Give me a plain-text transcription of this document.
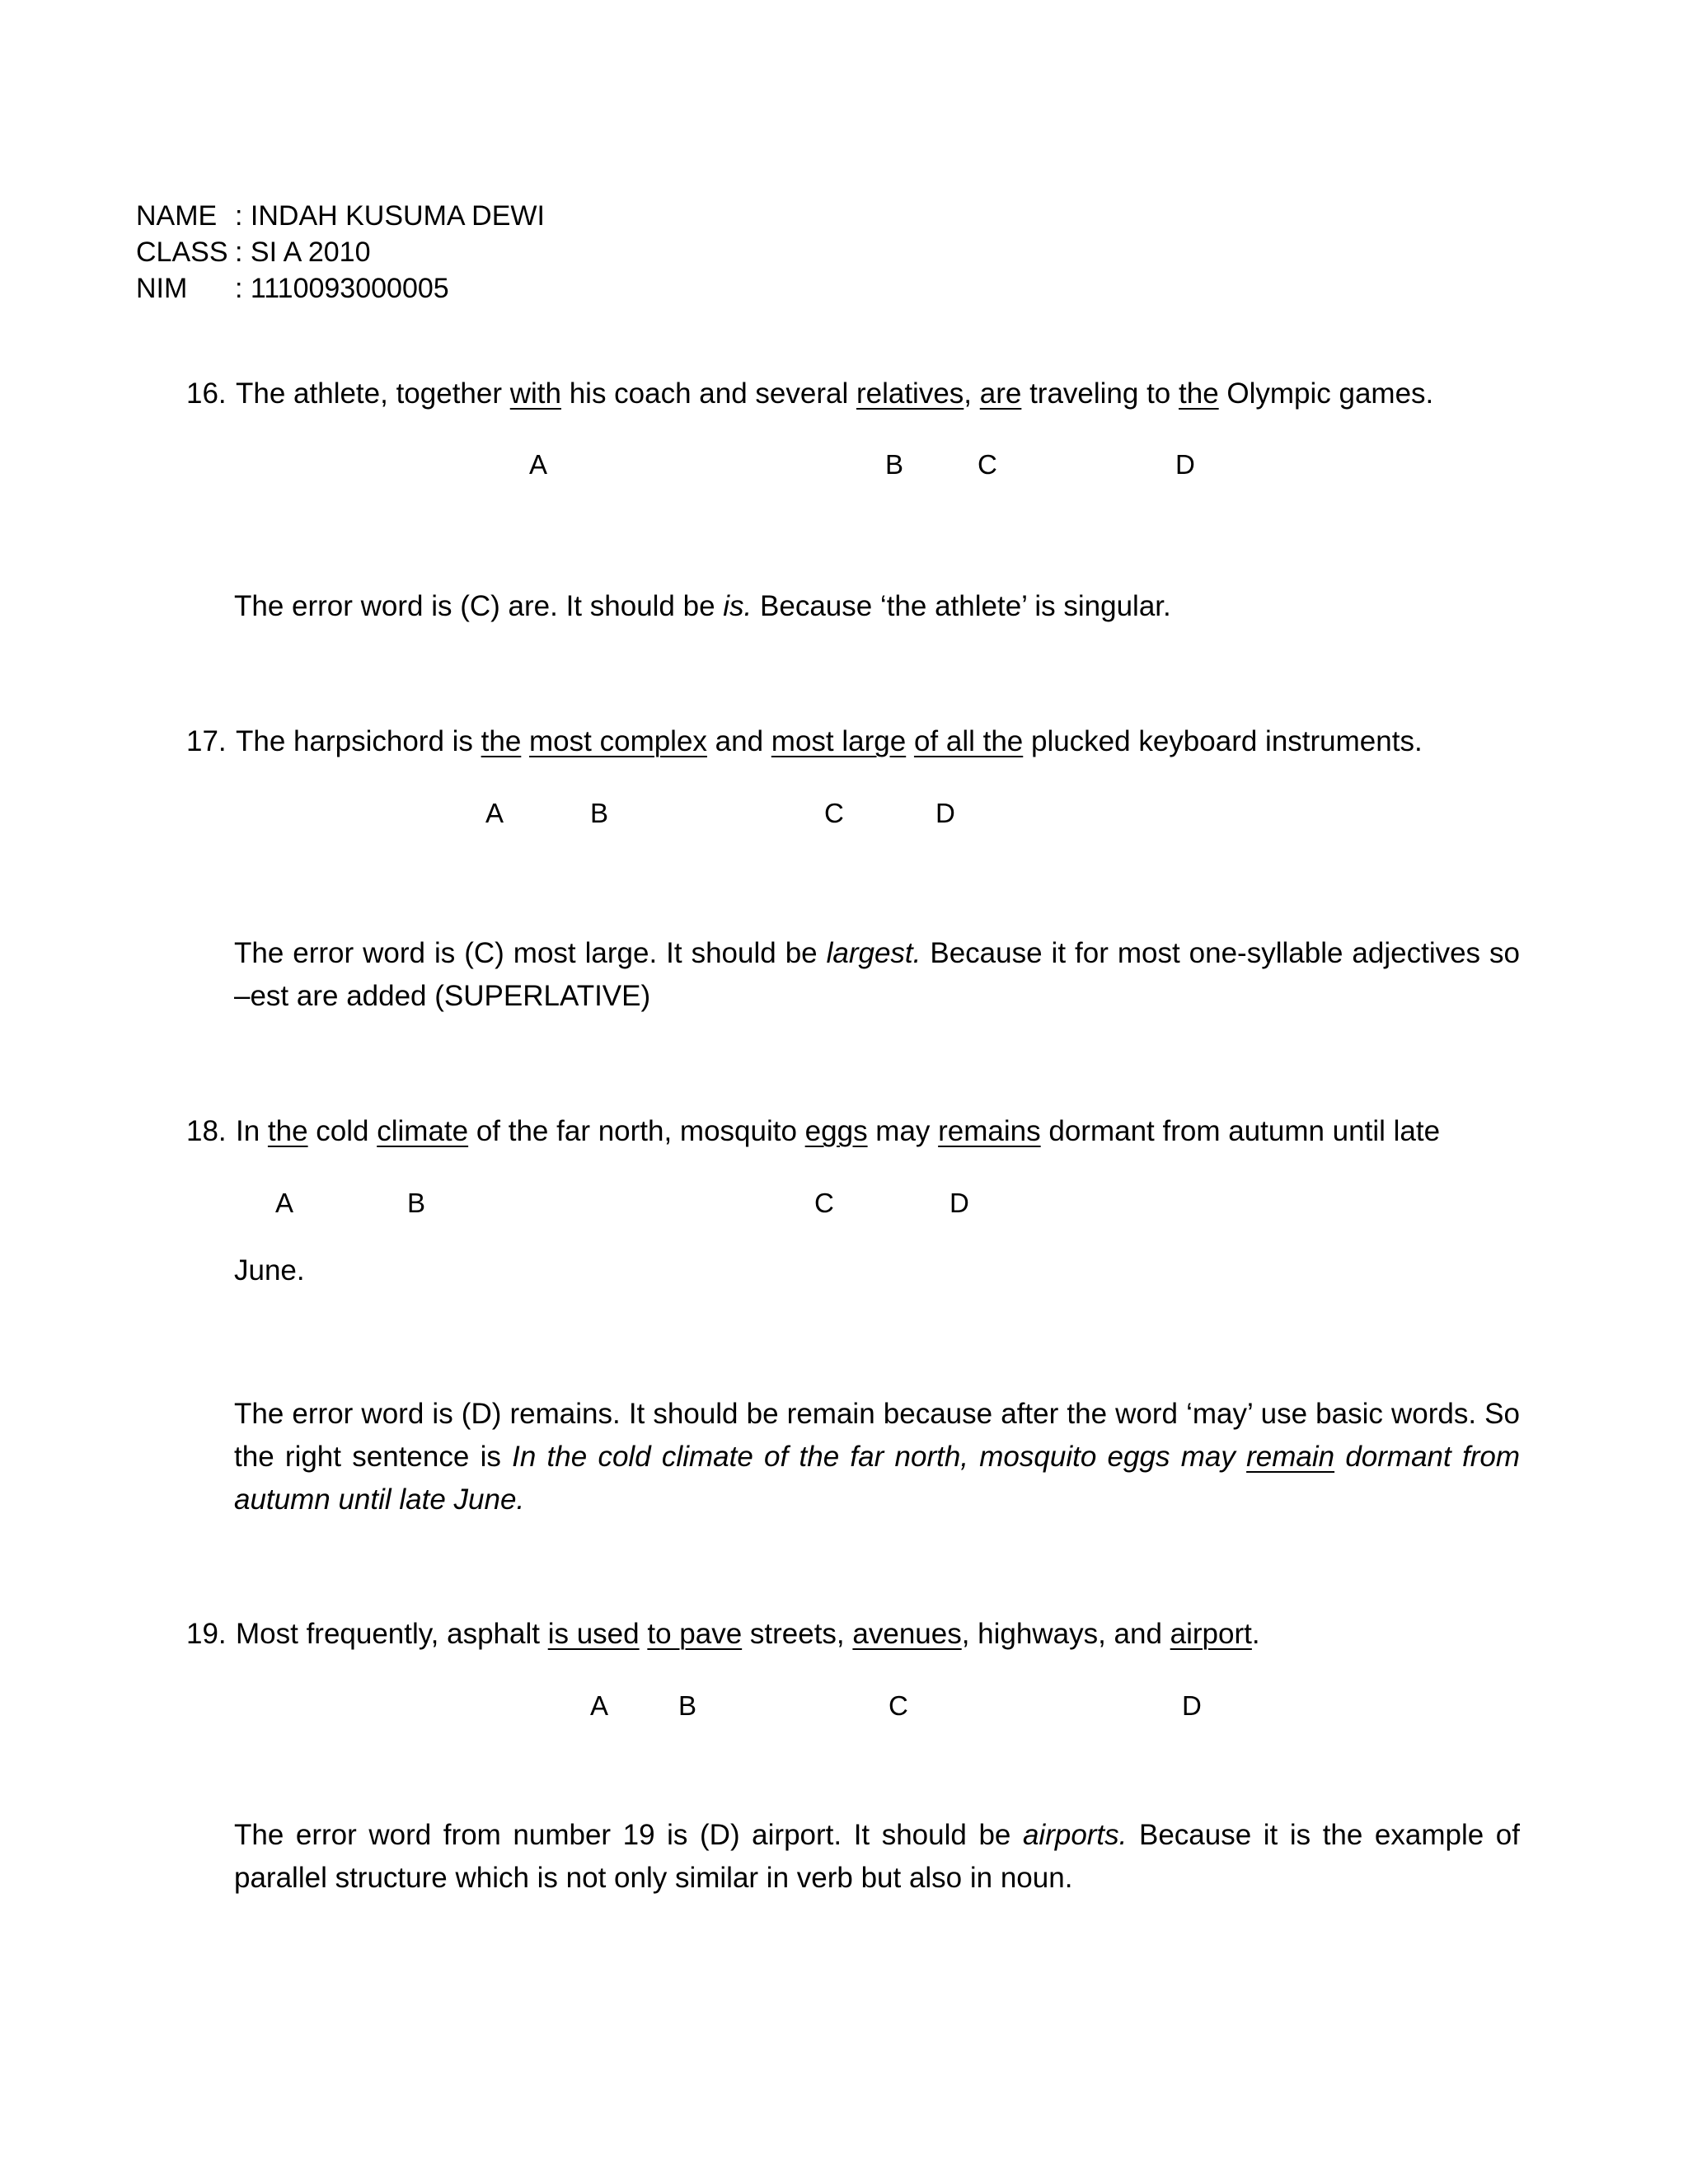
NAME : INDAH KUSUMA DEWI
CLASS : SI A 2010
NIM : 1110093000005
16. The athlete, together with his coach and several relatives, are traveling to the Olympic games.
A	B	C	D
The error word is (C) are. It should be is. Because ‘the athlete’ is singular.
17. The harpsichord is the most complex and most large of all the plucked keyboard instruments.
A	B	C	D
The error word is (C) most large. It should be largest. Because it for most one-syllable adjectives so –est are added (SUPERLATIVE)
18. In the cold climate of the far north, mosquito eggs may remains dormant from autumn until late
A	B	C	D
June.
The error word is (D) remains. It should be remain because after the word ‘may’ use basic words. So the right sentence is In the cold climate of the far north, mosquito eggs may remain dormant from autumn until late June.
19. Most frequently, asphalt is used to pave streets, avenues, highways, and airport.
A	B	C	D
The error word from number 19 is (D) airport. It should be airports. Because it is the example of parallel structure which is not only similar in verb but also in noun.
